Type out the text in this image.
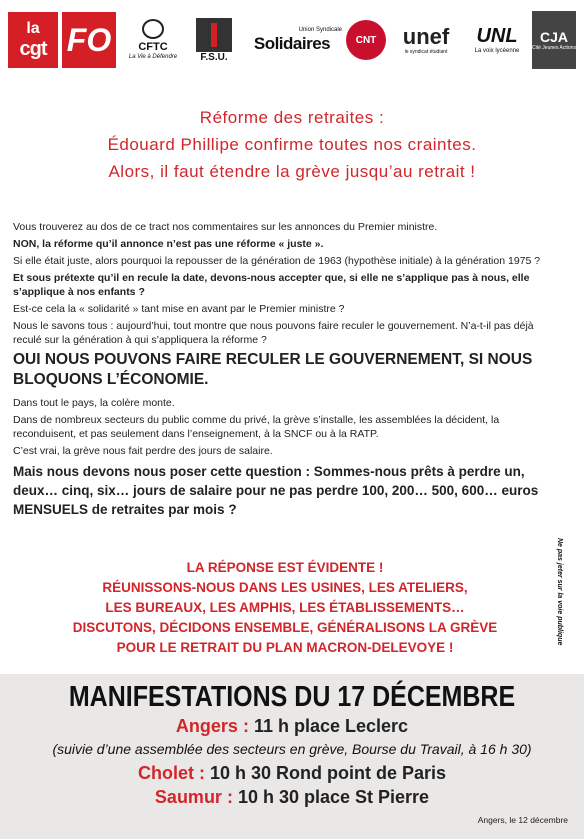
la
cgt FO	CFTC
La Vie à Défendre F.S.U.
Union Syndicale
Solidaires	CNT	unef
le syndicat étudiant
UNL
La voix lycéenne
CJA
Cité Jeunes Actions
Réforme des retraites :
Édouard Phillipe confirme toutes nos craintes.
Alors, il faut étendre la grève jusqu’au retrait !

Vous trouverez au dos de ce tract nos commentaires sur les annonces du Premier ministre.

NON, la réforme qu’il annonce n’est pas une réforme « juste ».

Si elle était juste, alors pourquoi la repousser de la génération de 1963 (hypothèse initiale) à la génération 1975 ?

Et sous prétexte qu’il en recule la date, devons-nous accepter que, si elle ne s’applique pas à nous, elle s’applique à nos enfants ?

Est-ce cela la « solidarité » tant mise en avant par le Premier ministre ?

Nous le savons tous : aujourd’hui, tout montre que nous pouvons faire reculer le gouvernement. N’a-t-il pas déjà reculé sur la génération à qui s’appliquera la réforme ?

OUI NOUS POUVONS FAIRE RECULER LE GOUVERNEMENT, SI NOUS BLOQUONS L’ÉCONOMIE.

Dans tout le pays, la colère monte.

Dans de nombreux secteurs du public comme du privé, la grève s’installe, les assemblées la décident, la reconduisent, et pas seulement dans l’enseignement, à la SNCF ou à la RATP.

C’est vrai, la grève nous fait perdre des jours de salaire.

Mais nous devons nous poser cette question : Sommes-nous prêts à perdre un, deux… cinq, six… jours de salaire pour ne pas perdre 100, 200… 500, 600… euros MENSUELS de retraites par mois ?

LA RÉPONSE EST ÉVIDENTE !
RÉUNISSONS-NOUS DANS LES USINES, LES ATELIERS,
LES BUREAUX, LES AMPHIS, LES ÉTABLISSEMENTS…
DISCUTONS, DÉCIDONS ENSEMBLE, GÉNÉRALISONS LA GRÈVE
POUR LE RETRAIT DU PLAN MACRON-DELEVOYE !
Ne pas jeter sur la voie publique
MANIFESTATIONS DU 17 DÉCEMBRE
Angers : 11 h place Leclerc
(suivie d’une assemblée des secteurs en grève, Bourse du Travail, à 16 h 30)
Cholet : 10 h 30 Rond point de Paris
Saumur : 10 h 30 place St Pierre
Angers, le 12 décembre
